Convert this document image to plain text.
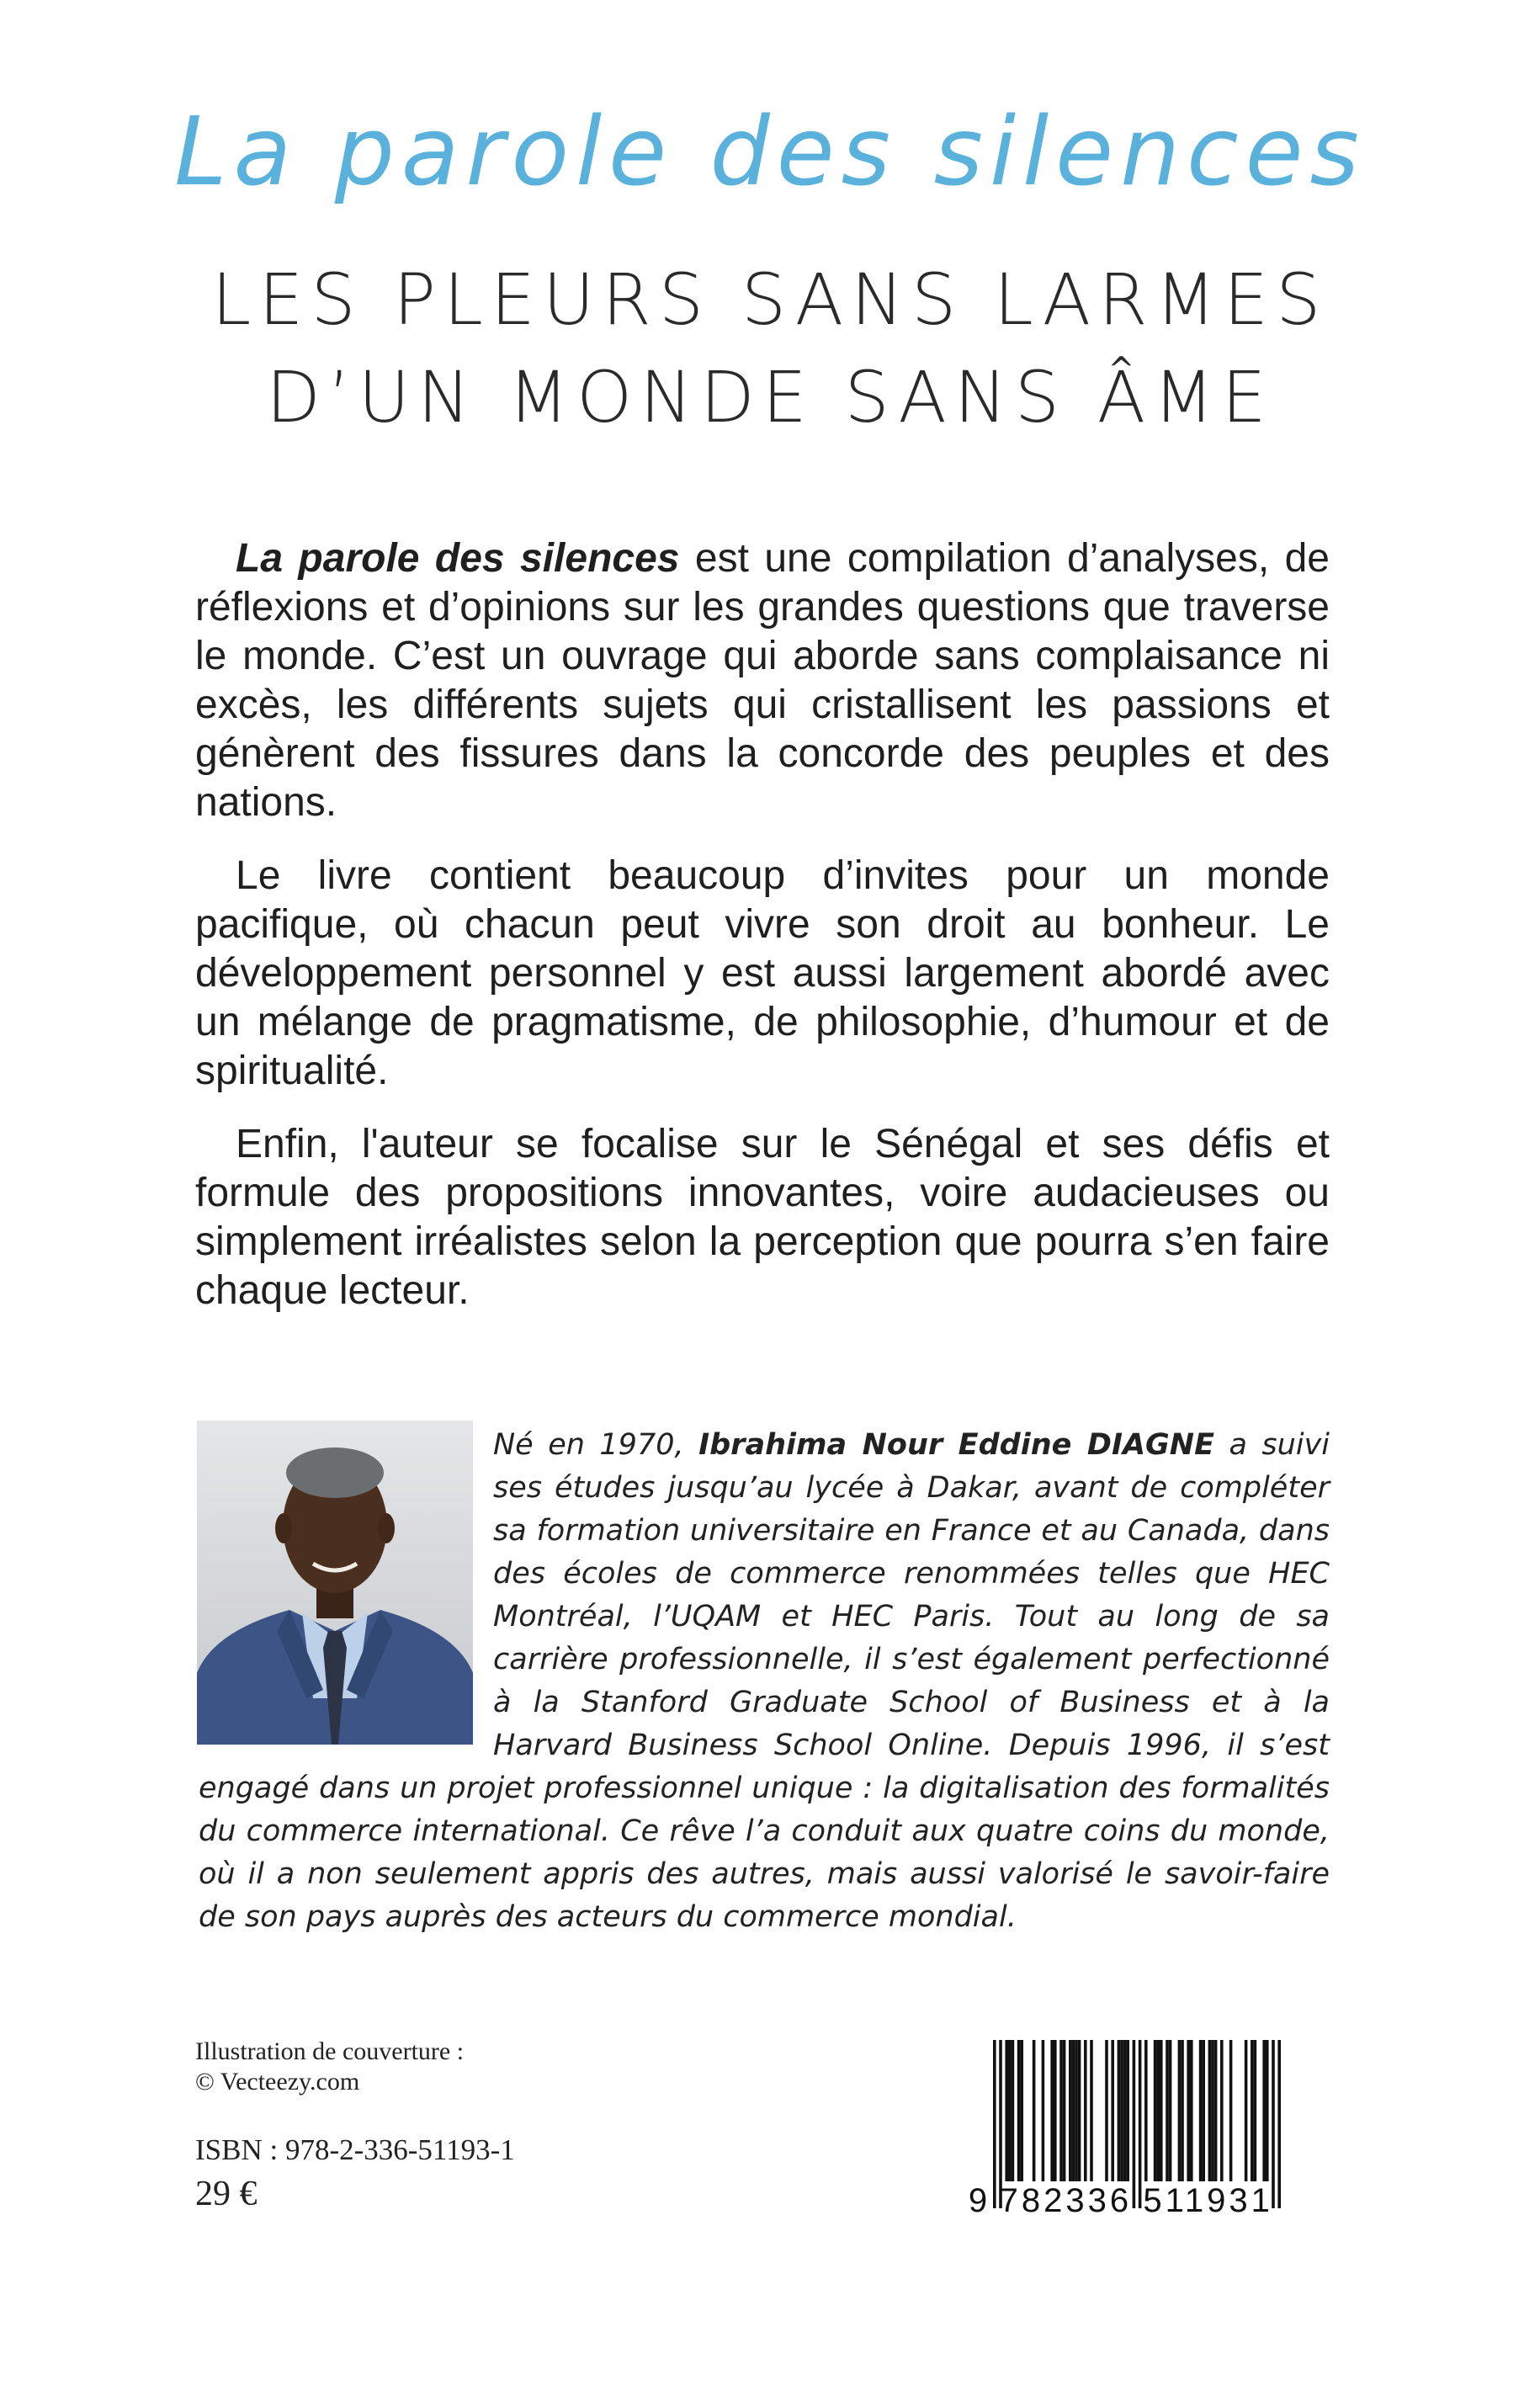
La parole des silences
LES PLEURS SANS LARMES
D’UN MONDE SANS ÂME

La parole des silences est une compilation d’analyses, de réflexions et d’opinions sur les grandes questions que traverse le monde. C’est un ouvrage qui aborde sans complaisance ni excès, les différents sujets qui cristallisent les passions et génèrent des fissures dans la concorde des peuples et des nations.

Le livre contient beaucoup d’invites pour un monde pacifique, où chacun peut vivre son droit au bonheur. Le développement personnel y est aussi largement abordé avec un mélange de pragmatisme, de philosophie, d’humour et de spiritualité.

Enfin, l'auteur se focalise sur le Sénégal et ses défis et formule des propositions innovantes, voire audacieuses ou simplement irréalistes selon la perception que pourra s’en faire chaque lecteur.

Né en 1970, Ibrahima Nour Eddine DIAGNE a suivi ses études jusqu’au lycée à Dakar, avant de compléter sa formation universitaire en France et au Canada, dans des écoles de commerce renommées telles que HEC Montréal, l’UQAM et HEC Paris. Tout au long de sa carrière professionnelle, il s’est également perfectionné à la Stanford Graduate School of Business et à la Harvard Business School Online. Depuis 1996, il s’est engagé dans un projet professionnel unique : la digitalisation des formalités du commerce international. Ce rêve l’a conduit aux quatre coins du monde, où il a non seulement appris des autres, mais aussi valorisé le savoir-faire de son pays auprès des acteurs du commerce mondial.
Illustration de couverture :
© Vecteezy.com
ISBN : 978-2-336-51193-1
29 €	9 782336 511931
